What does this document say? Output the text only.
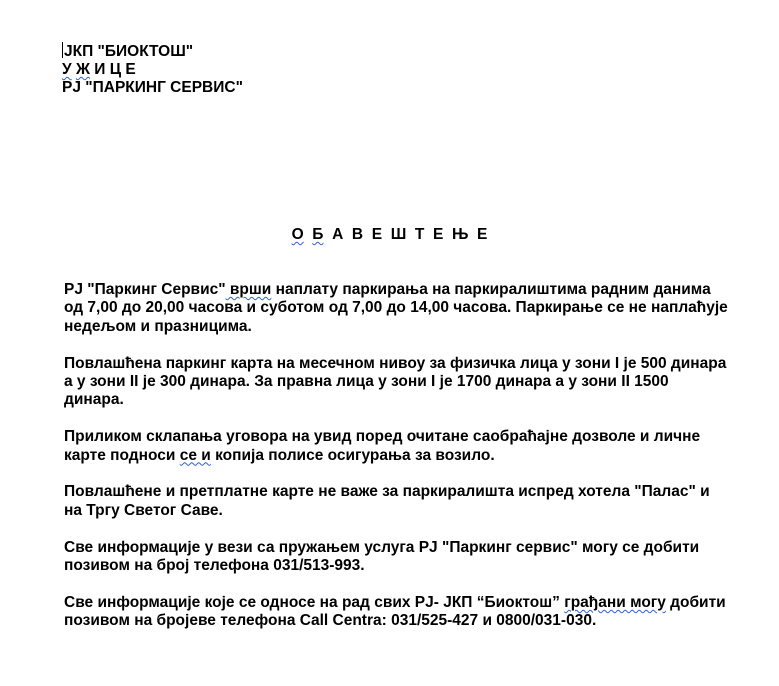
ЈКП "БИОКТОШ"
У Ж И Ц Е
РЈ "ПАРКИНГ СЕРВИС"
О Б А В Е Ш Т Е Њ Е

РЈ "Паркинг Сервис" врши наплату паркирања на паркиралиштима радним данима од 7,00 до 20,00 часова и суботом од 7,00 до 14,00 часова. Паркирање се не наплаћује недељом и празницима.

Повлашћена паркинг карта на месечном нивоу за физичка лица у зони I је 500 динара а у зони II је 300 динара. За правна лица у зони I је 1700 динара а у зони II 1500 динара.

Приликом склапања уговора на увид поред очитане саобраћајне дозволе и личне карте подноси се и копија полисе осигурања за возило.

Повлашћене и претплатне карте не важе за паркиралишта испред хотела "Палас" и на Тргу Светог Саве.

Све информације у вези са пружањем услуга РЈ "Паркинг сервис" могу се добити позивом на број телефона 031/513-993.

Све информације које се односе на рад свих РЈ- ЈКП “Биоктош” грађани могу добити позивом на бројеве телефона Call Centra: 031/525-427 и 0800/031-030.
